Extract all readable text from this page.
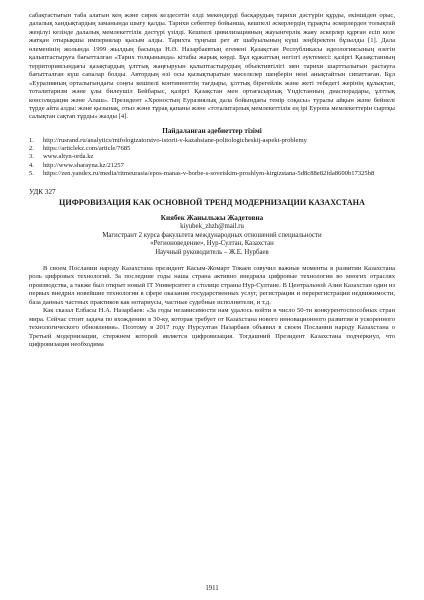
сабақтастығын таба алатын кең және сирек кездесетін елді мекендерді басқарудың тарихи дәстүрін құрды, екіншіден орыс, далалық хандықтардың заманында шығу қалды. Тарихи себептер бойынша, кешпелі әскерлердің тұрақты әскерлерден толықтай жеңілуі кезінде далалық мемлекеттілік дәстүрі үзілді. Кешпелі цивилизацияның жауынгерлік жаяу әскерлер құрған есіп келе жатқан отырықшы империялар қысым алды. Тарихта тұңғыш рет ат шабуылының күші зеңбіректен бұзылды [1]. Дала өлеменінің жолында 1999 жылдың басында Н.Ә. Назарбаевтың егемені Қазақстан Республикасы идеологиясының өзегін қалыптастыруға бағытталған «Тарих толқынында» кітабы жарық көрді. Бұл құжаттың негізгі әуктемесі: қазіргі Қазақстанның территориясындағы қазақтардың ұлттық жаңғыруын қалыптастырудың объективтілігі мен тарихи шарттылығын растауға бағытталған күш сапалар болды. Автордың өзі осы қызықтыратын мәселелер шеңберін нені анықтайтын сипаттаған. Бұл «Еуразияның орталығындағы соңғы кешпелі континенттің тағдыры, ұлттық бірегейлік және жеті тебедегі жерінің құлықтан, тоталитаризм және ұлы билеушіл Бейбарыс, қазіргі Қазақстан мен ортағасырлық Үндістанның диаспорадары, ұлттық консолидация және Алаш». Президент «Хроностың Еуразиялық дала бойындағы темір соқасы» туралы айқын және бейнелі түрде айта алды: және қызынақ, отыз және тұрақ қапаны және «тоталитарлық мемлекеттілік ең ірі Еуропа мемлекеттерін сыртқы салықтан сақтап тұрды» жазды [4].

Пайдаланған әдебиеттер тізімі
1.	http://rusrand.ru/analytics/mifologizatorstvo-istorii-v-kazahstane-politologicheskij-aspekt-problemy
2.	https://articlekz.com/article/7685
3.	www.altyn-orda.kz
4.	http://www.sharayna.kz/21257
5.	https://zen.yandex.ru/media/ritmeurasia/epos-manas-v-borbe-s-sovetskim-proshlym-kirgizstana-5d8c88e82fda8600b17325b8

УДК 327

ЦИФРОВИЗАЦИЯ КАК ОСНОВНОЙ ТРЕНД МОДЕРНИЗАЦИИ КАЗАХСТАНА

Киябек Жаныльжы Жадетовна

kiyubek_zhzh@mail.ru

Магистрант 2 курса факультета международных отношений специальности

«Регионоведение», Нур-Султан, Казахстан

Научный руководитель – Ж.Е. Нурбаев

В своем Послании народу Казахстана президент Касым-Жомарт Токаев озвучил важные моменты в развитии Казахстана роль цифровых технологий. За последние годы наша страна активно внедряла цифровые технологии во многих отраслях производства, а также был открыт новый IT Университет в столице страны Нур-Султане. В Центральной Азии Казахстан один из первых внедрил новейшие технологии в сфере оказания государственных услуг, регистрации и перерегистрации недвижимости, база данных частных практиков как нотариусы, частные судебные исполнители, и т.д.

Как сказал Елбасы Н.А. Назарбаев: «За годы независимости нам удалось войти в число 50-ти конкурентоспособных стран мира. Сейчас стоит задача по вхождению в 30-ку, которая требует от Казахстана нового инновационного развития и ускоренного технологического обновления». Поэтому в 2017 году Нурсултан Назарбаев объявил в своем Послании народу Казахстана о Третьей модернизации, стержнем которой является цифровизация. Тогдашний Президент Казахстана подчеркнул, что цифровизация необходима

1911
